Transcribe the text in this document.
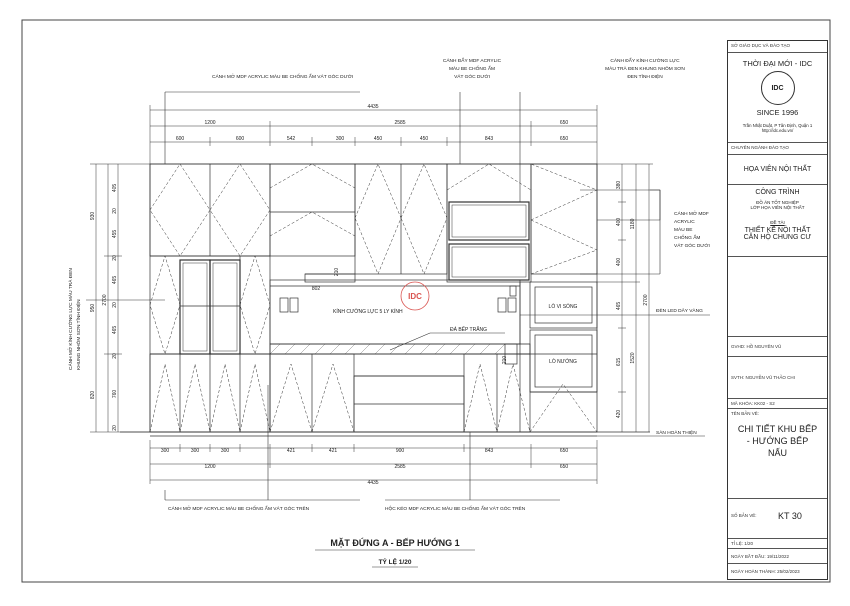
IDC
CÁNH MỞ MDF ACRYLIC MÀU BE CHỐNG ẨM VÁT GÓC DƯỚI
CÁNH ĐẨY MDF ACRYLIC
MÀU BE CHỐNG ẨM
VÁT GÓC DƯỚI
CÁNH ĐẨY KÍNH CƯỜNG LỰC
MÀU TRÀ ĐEN KHUNG NHÔM SƠN
ĐEN TĨNH ĐIỆN
CÁNH MỞ MDF
ACRYLIC
MÀU BE
CHỐNG ẨM
VÁT GÓC DƯỚI
ĐÈN LED DÂY VÀNG
SÀN HOÀN THIỆN
CÁNH MỞ KÍNH CƯỜNG LỰC MÀU TRÀ ĐEN KHUNG NHÔM SƠN TĨNH ĐIỆN	KÍNH CƯỜNG LỰC 5 LY KÍNH
ĐÁ BẾP TRẮNG
LÒ VI SÓNG
LÒ NƯỚNG
CÁNH MỞ MDF ACRYLIC MÀU BE CHỐNG ẨM VÁT GÓC TRÊN	HỘC KÉO MDF ACRYLIC MÀU BE CHỐNG ẨM VÁT GÓC TRÊN
4435
1200	2585	650
600	600	542	300	450	450	843	650
300	300	300	421	421	900	843	650
1200	2585	650
4435
930
950
820
2700
405
20
455
20
465
20
465
20
760
20
380
400
400
465
615
420
1180
1520
2700
802
210
210
MẶT ĐỨNG A - BẾP HƯỚNG 1
TỶ LỆ 1/20
SỞ GIÁO DỤC VÀ ĐÀO TẠO
THỜI ĐẠI MỚI - IDC
IDC
SINCE 1996
Trần Nhật Duật, P Tân Định, Quận 1
http://idc.edu.vn/
CHUYÊN NGÀNH ĐÀO TẠO
HỌA VIÊN NỘI THẤT
CÔNG TRÌNH
ĐỒ ÁN TỐT NGHIỆP
LỚP HỌA VIÊN NỘI THẤT
ĐỀ TÀI
THIẾT KẾ NỘI THẤT
CĂN HỘ CHUNG CƯ
GVHD: HỒ NGUYÊN VŨ
SVTH: NGUYỄN VŨ THẢO CHI
MÃ KHÓA: KK02 - S2
TÊN BẢN VẼ:
CHI TIẾT KHU BẾP
- HƯỚNG BẾP
NẤU
SỐ BẢN VẼ: KT 30
TỈ LỆ: 1/20
NGÀY BẮT ĐẦU: 19/11/2022
NGÀY HOÀN THÀNH: 25/02/2023
